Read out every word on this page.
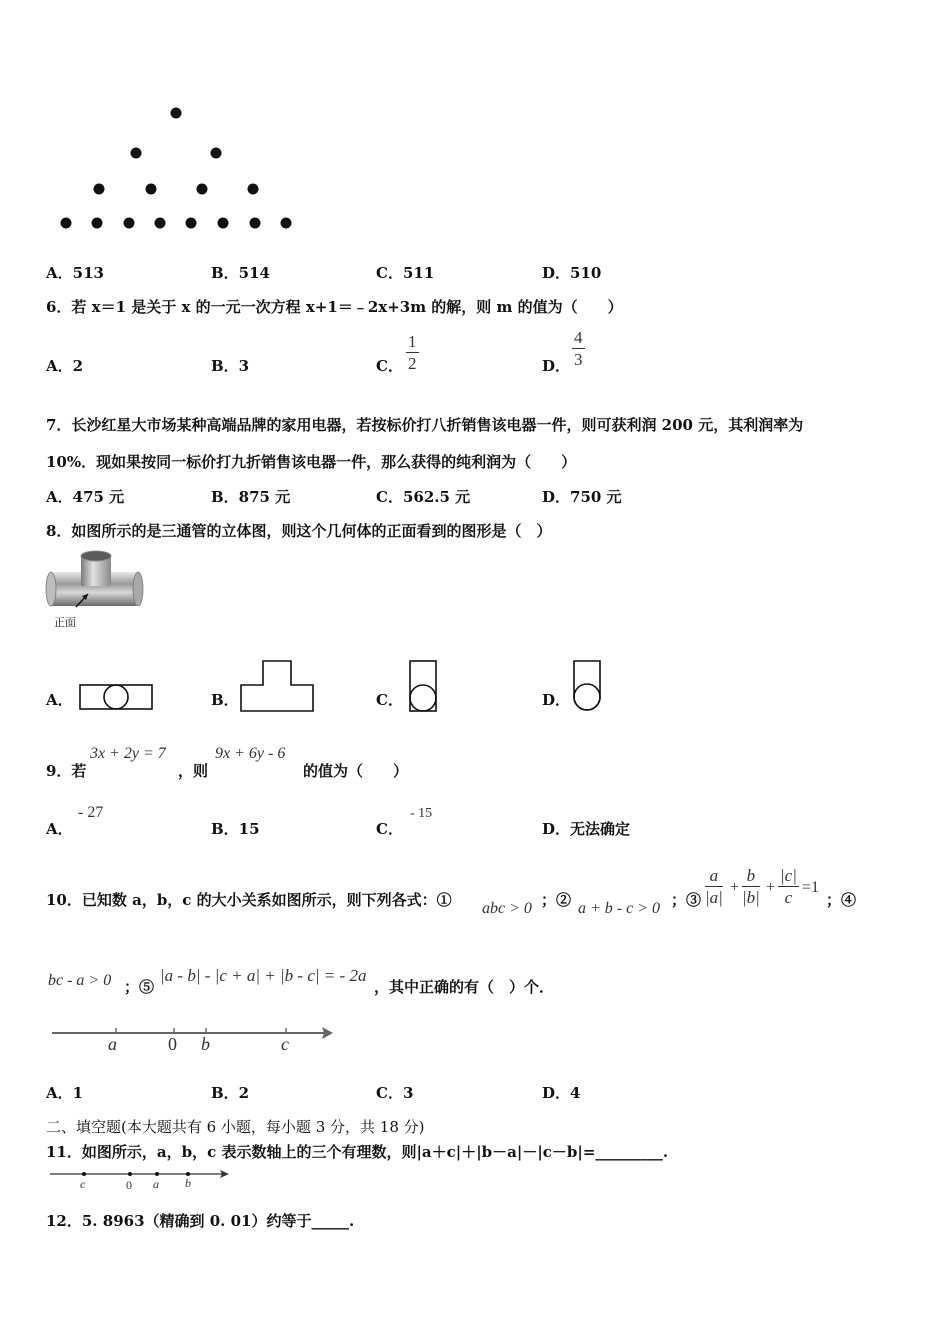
A．513	B．514	C．511	D．510
6．若 x＝1 是关于 x 的一元一次方程 x+1＝﹣2x+3m 的解，则 m 的值为（　　）
A．2	B．3	C． $\frac{1}{2}$	D． $\frac{4}{3}$
7．长沙红星大市场某种高端品牌的家用电器，若按标价打八折销售该电器一件，则可获利润 200 元，其利润率为
10%．现如果按同一标价打九折销售该电器一件，那么获得的纯利润为（　　）
A．475 元	B．875 元	C．562.5 元	D．750 元
8．如图所示的是三通管的立体图，则这个几何体的正面看到的图形是（　）
正面
A．	B．	C．	D．
9．若
3x + 2y = 7
，则
9x + 6y - 6
的值为（　　）
A．
- 27
B．15	C．
- 15
D．无法确定
10．已知数 a，b，c 的大小关系如图所示，则下列各式：① abc > 0 ；② a + b - c > 0 ；③ $\frac{a}{|a|} + \frac{b}{|b|} + \frac{|c|}{c} =1$
；④
bc - a > 0 ；⑤
|a - b| - |c + a| + |b - c| = - 2a
，其中正确的有（　）个．
a	0 b	c
A．1	B．2	C．3	D．4
二、填空题(本大题共有 6 小题，每小题 3 分，共 18 分)
11．如图所示，a，b，c 表示数轴上的三个有理数，则|a＋c|＋|b－a|－|c－b|=_________.
c	0 a b
12．5. 8963（精确到 0. 01）约等于_____.
